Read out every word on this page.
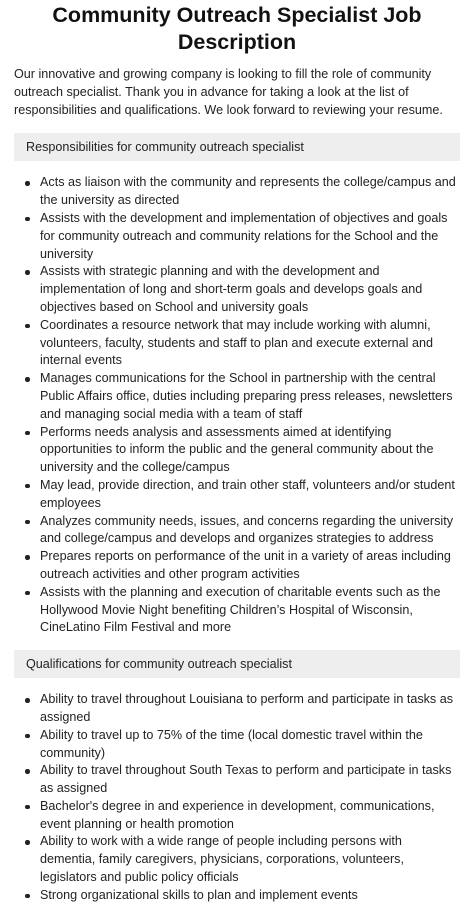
Community Outreach Specialist Job Description

Our innovative and growing company is looking to fill the role of community outreach specialist. Thank you in advance for taking a look at the list of responsibilities and qualifications. We look forward to reviewing your resume.

Responsibilities for community outreach specialist
Acts as liaison with the community and represents the college/campus and the university as directed
Assists with the development and implementation of objectives and goals for community outreach and community relations for the School and the university
Assists with strategic planning and with the development and implementation of long and short-term goals and develops goals and objectives based on School and university goals
Coordinates a resource network that may include working with alumni, volunteers, faculty, students and staff to plan and execute external and internal events
Manages communications for the School in partnership with the central Public Affairs office, duties including preparing press releases, newsletters and managing social media with a team of staff
Performs needs analysis and assessments aimed at identifying opportunities to inform the public and the general community about the university and the college/campus
May lead, provide direction, and train other staff, volunteers and/or student employees
Analyzes community needs, issues, and concerns regarding the university and college/campus and develops and organizes strategies to address
Prepares reports on performance of the unit in a variety of areas including outreach activities and other program activities
Assists with the planning and execution of charitable events such as the Hollywood Movie Night benefiting Children’s Hospital of Wisconsin, CineLatino Film Festival and more
Qualifications for community outreach specialist
Ability to travel throughout Louisiana to perform and participate in tasks as assigned
Ability to travel up to 75% of the time (local domestic travel within the community)
Ability to travel throughout South Texas to perform and participate in tasks as assigned
Bachelor's degree in and experience in development, communications, event planning or health promotion
Ability to work with a wide range of people including persons with dementia, family caregivers, physicians, corporations, volunteers, legislators and public policy officials
Strong organizational skills to plan and implement events
